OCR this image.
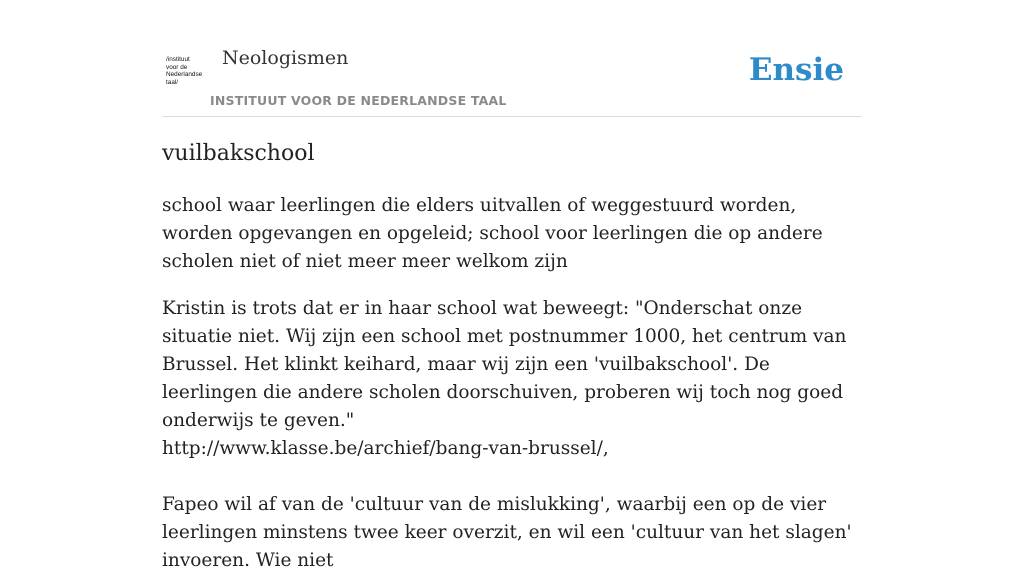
/instituut
voor de
Nederlandse
taal/
Neologismen
INSTITUUT VOOR DE NEDERLANDSE TAAL
Ensie
vuilbakschool

school waar leerlingen die elders uitvallen of weggestuurd worden, worden opgevangen en opgeleid; school voor leerlingen die op andere scholen niet of niet meer meer welkom zijn

Kristin is trots dat er in haar school wat beweegt: "Onderschat onze situatie niet. Wij zijn een school met postnummer 1000, het centrum van Brussel. Het klinkt keihard, maar wij zijn een 'vuilbakschool'. De leerlingen die andere scholen doorschuiven, proberen wij toch nog goed onderwijs te geven."
http://www.klasse.be/archief/bang-van-brussel/,

Fapeo wil af van de 'cultuur van de mislukking', waarbij een op de vier leerlingen minstens twee keer overzit, en wil een 'cultuur van het slagen' invoeren. Wie niet
